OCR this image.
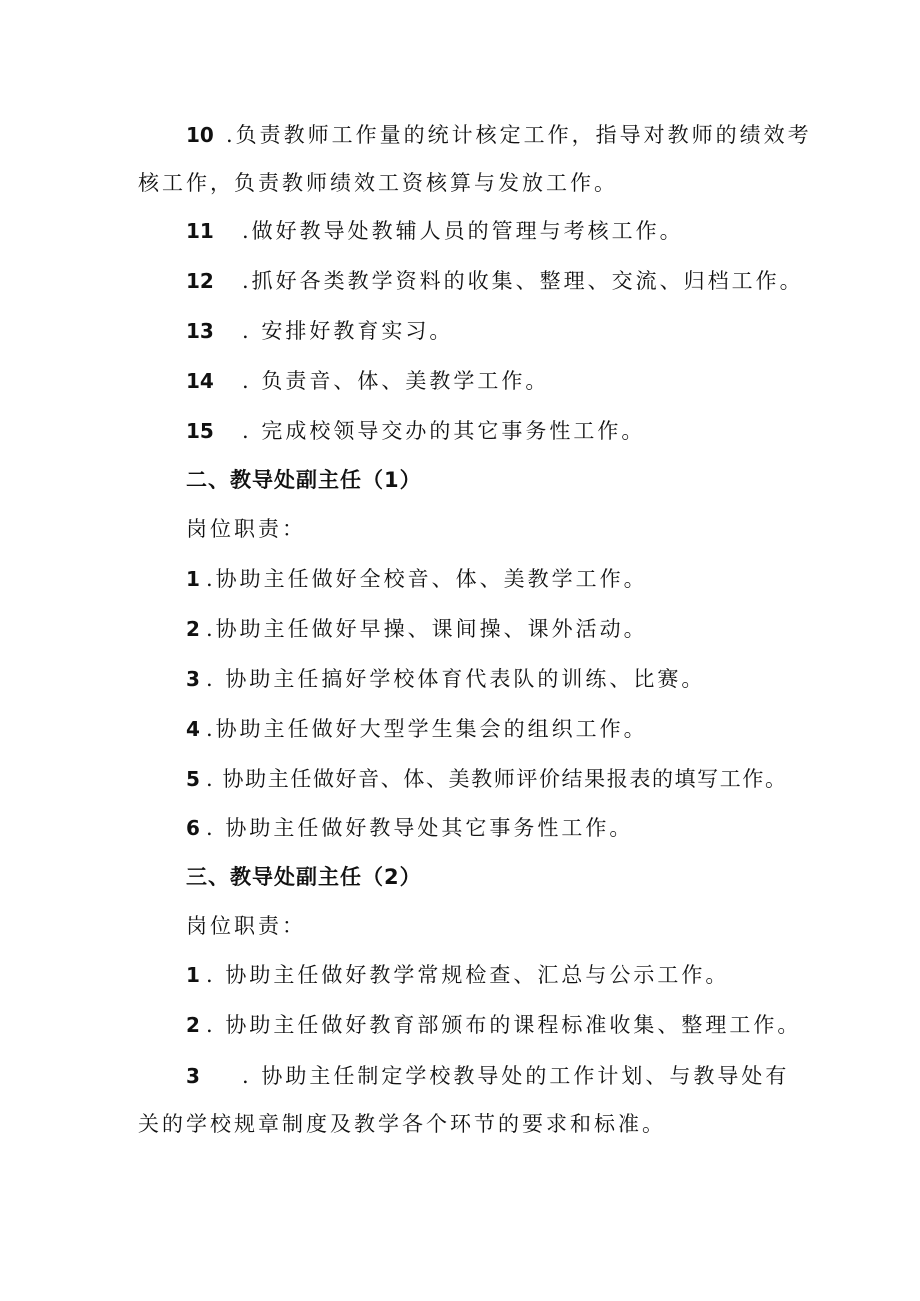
10 .负责教师工作量的统计核定工作，指导对教师的绩效考
核工作，负责教师绩效工资核算与发放工作。
11 .做好教导处教辅人员的管理与考核工作。
12 .抓好各类教学资料的收集、整理、交流、归档工作。
13 . 安排好教育实习。
14 . 负责音、体、美教学工作。
15 . 完成校领导交办的其它事务性工作。
二、教导处副主任（1）
岗位职责：
1 .协助主任做好全校音、体、美教学工作。
2 .协助主任做好早操、课间操、课外活动。
3 . 协助主任搞好学校体育代表队的训练、比赛。
4 .协助主任做好大型学生集会的组织工作。
5 . 协助主任做好音、体、美教师评价结果报表的填写工作。
6 . 协助主任做好教导处其它事务性工作。
三、教导处副主任（2）
岗位职责：
1 . 协助主任做好教学常规检查、汇总与公示工作。
2 . 协助主任做好教育部颁布的课程标准收集、整理工作。
3 . 协助主任制定学校教导处的工作计划、与教导处有
关的学校规章制度及教学各个环节的要求和标准。
